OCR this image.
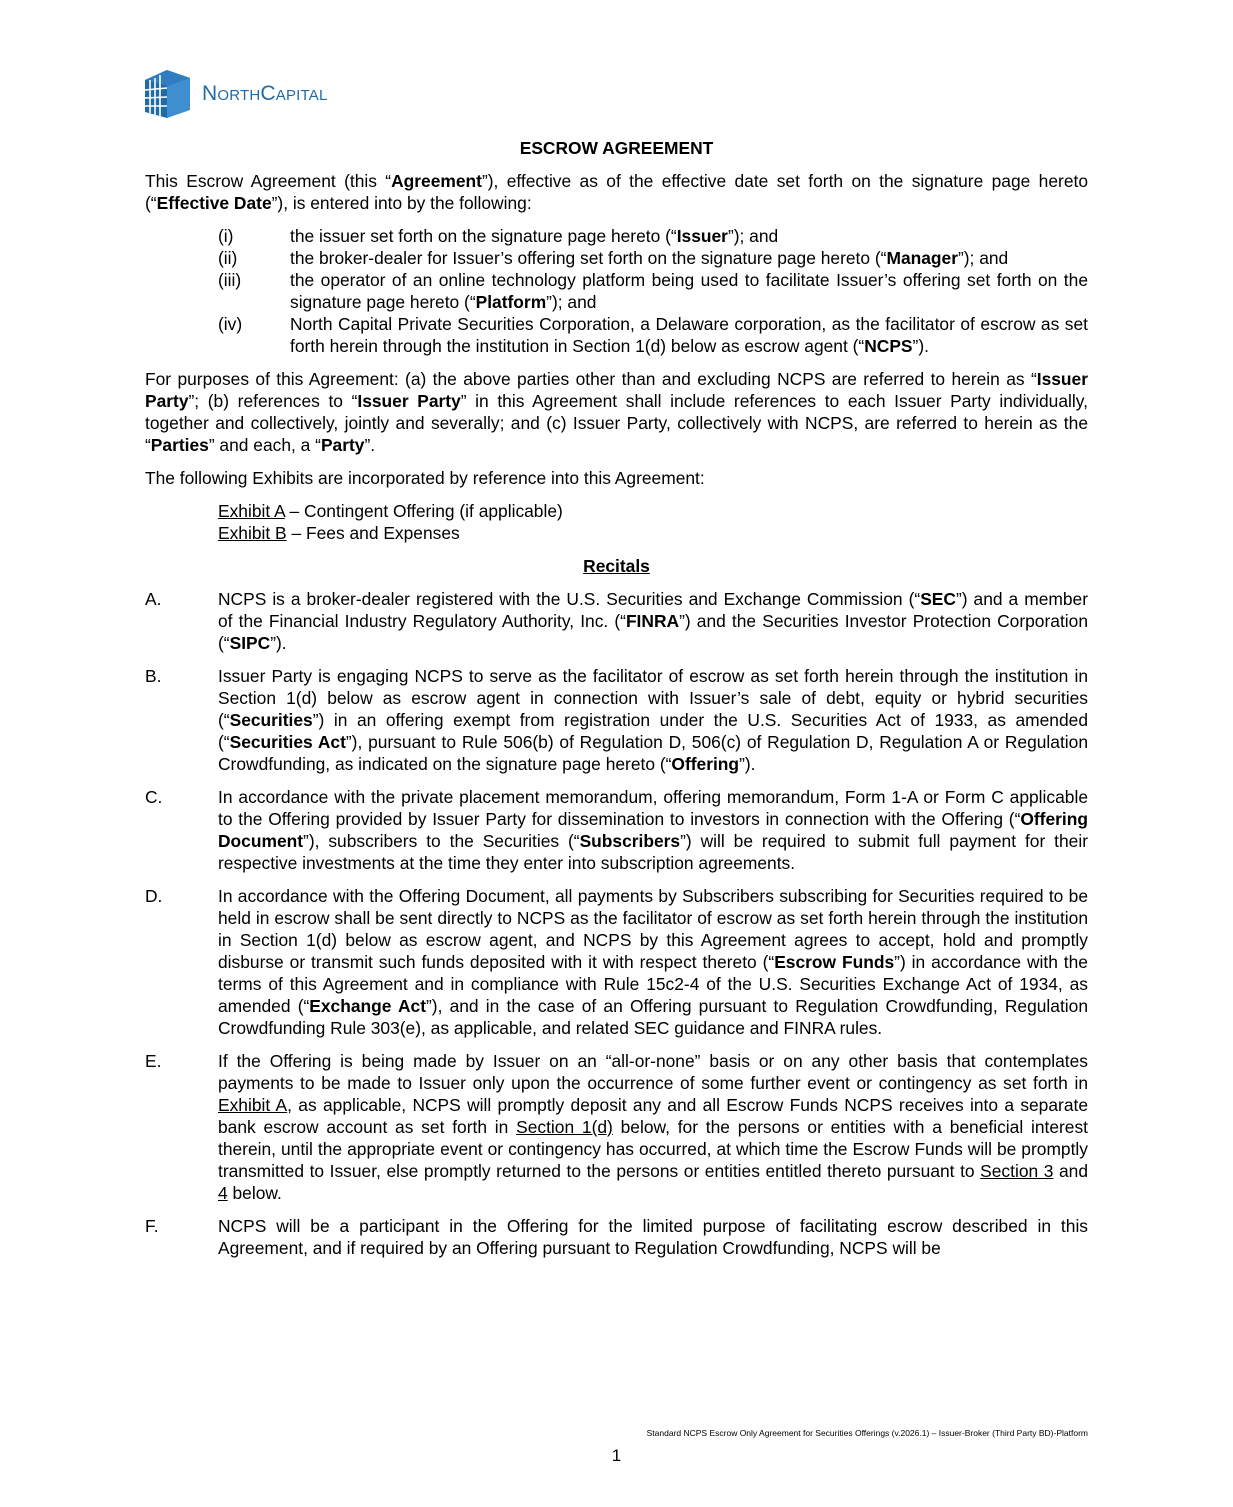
NorthCapital
ESCROW AGREEMENT

This Escrow Agreement (this “Agreement”), effective as of the effective date set forth on the signature page hereto (“Effective Date”), is entered into by the following:

(i)	the issuer set forth on the signature page hereto (“Issuer”); and
(ii)	the broker-dealer for Issuer’s offering set forth on the signature page hereto (“Manager”); and
(iii)	the operator of an online technology platform being used to facilitate Issuer’s offering set forth on the signature page hereto (“Platform”); and
(iv)	North Capital Private Securities Corporation, a Delaware corporation, as the facilitator of escrow as set forth herein through the institution in Section 1(d) below as escrow agent (“NCPS”).

For purposes of this Agreement: (a) the above parties other than and excluding NCPS are referred to herein as “Issuer Party”; (b) references to “Issuer Party” in this Agreement shall include references to each Issuer Party individually, together and collectively, jointly and severally; and (c) Issuer Party, collectively with NCPS, are referred to herein as the “Parties” and each, a “Party”.

The following Exhibits are incorporated by reference into this Agreement:

Exhibit A – Contingent Offering (if applicable)
Exhibit B – Fees and Expenses
Recitals
A.	NCPS is a broker-dealer registered with the U.S. Securities and Exchange Commission (“SEC”) and a member of the Financial Industry Regulatory Authority, Inc. (“FINRA”) and the Securities Investor Protection Corporation (“SIPC”).
B.	Issuer Party is engaging NCPS to serve as the facilitator of escrow as set forth herein through the institution in Section 1(d) below as escrow agent in connection with Issuer’s sale of debt, equity or hybrid securities (“Securities”) in an offering exempt from registration under the U.S. Securities Act of 1933, as amended (“Securities Act”), pursuant to Rule 506(b) of Regulation D, 506(c) of Regulation D, Regulation A or Regulation Crowdfunding, as indicated on the signature page hereto (“Offering”).
C.	In accordance with the private placement memorandum, offering memorandum, Form 1-A or Form C applicable to the Offering provided by Issuer Party for dissemination to investors in connection with the Offering (“Offering Document”), subscribers to the Securities (“Subscribers”) will be required to submit full payment for their respective investments at the time they enter into subscription agreements.
D.	In accordance with the Offering Document, all payments by Subscribers subscribing for Securities required to be held in escrow shall be sent directly to NCPS as the facilitator of escrow as set forth herein through the institution in Section 1(d) below as escrow agent, and NCPS by this Agreement agrees to accept, hold and promptly disburse or transmit such funds deposited with it with respect thereto (“Escrow Funds”) in accordance with the terms of this Agreement and in compliance with Rule 15c2-4 of the U.S. Securities Exchange Act of 1934, as amended (“Exchange Act”), and in the case of an Offering pursuant to Regulation Crowdfunding, Regulation Crowdfunding Rule 303(e), as applicable, and related SEC guidance and FINRA rules.
E.	If the Offering is being made by Issuer on an “all-or-none” basis or on any other basis that contemplates payments to be made to Issuer only upon the occurrence of some further event or contingency as set forth in Exhibit A, as applicable, NCPS will promptly deposit any and all Escrow Funds NCPS receives into a separate bank escrow account as set forth in Section 1(d) below, for the persons or entities with a beneficial interest therein, until the appropriate event or contingency has occurred, at which time the Escrow Funds will be promptly transmitted to Issuer, else promptly returned to the persons or entities entitled thereto pursuant to Section 3 and 4 below.
F.	NCPS will be a participant in the Offering for the limited purpose of facilitating escrow described in this Agreement, and if required by an Offering pursuant to Regulation Crowdfunding, NCPS will be
Standard NCPS Escrow Only Agreement for Securities Offerings (v.2026.1) – Issuer-Broker (Third Party BD)-Platform
1
